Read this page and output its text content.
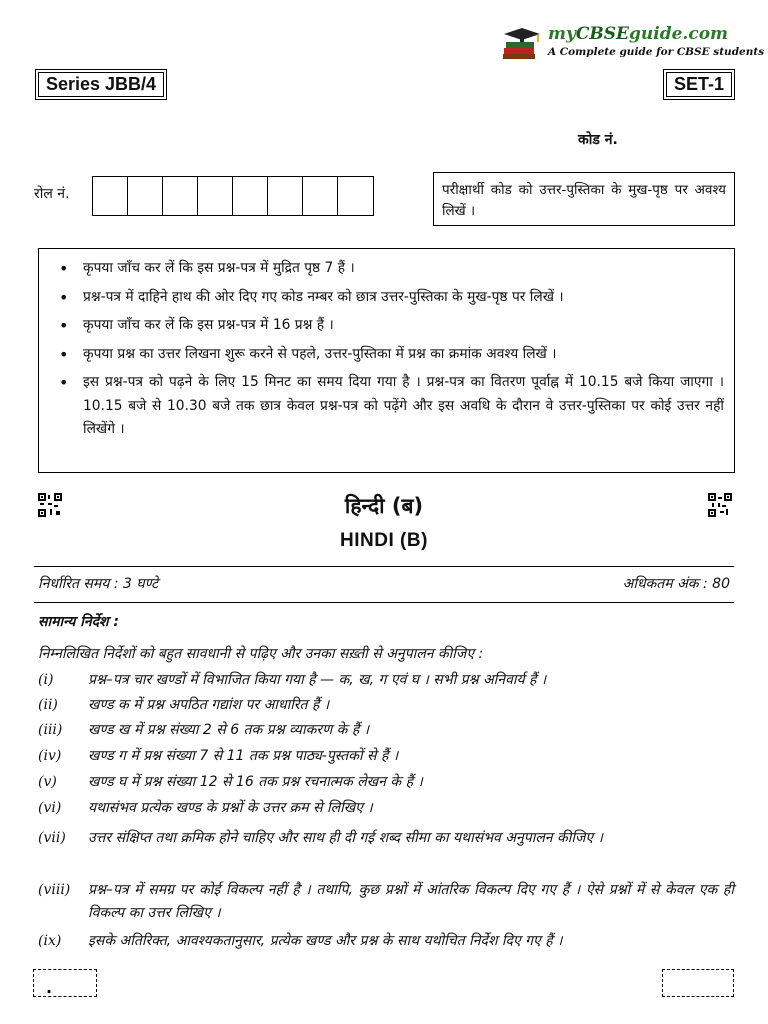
myCBSEguide.com
A Complete guide for CBSE students
Series JBB/4	SET-1
कोड नं.
रोल नं.	परीक्षार्थी कोड को उत्तर-पुस्तिका के मुख-पृष्ठ पर अवश्य लिखें ।
• कृपया जाँच कर लें कि इस प्रश्न-पत्र में मुद्रित पृष्ठ 7 हैं ।
• प्रश्न-पत्र में दाहिने हाथ की ओर दिए गए कोड नम्बर को छात्र उत्तर-पुस्तिका के मुख-पृष्ठ पर लिखें ।
• कृपया जाँच कर लें कि इस प्रश्न-पत्र में 16 प्रश्न हैं ।
• कृपया प्रश्न का उत्तर लिखना शुरू करने से पहले, उत्तर-पुस्तिका में प्रश्न का क्रमांक अवश्य लिखें ।
• इस प्रश्न-पत्र को पढ़ने के लिए 15 मिनट का समय दिया गया है । प्रश्न-पत्र का वितरण पूर्वाह्न में 10.15 बजे किया जाएगा । 10.15 बजे से 10.30 बजे तक छात्र केवल प्रश्न-पत्र को पढ़ेंगे और इस अवधि के दौरान वे उत्तर-पुस्तिका पर कोई उत्तर नहीं लिखेंगे ।
हिन्दी (ब)
HINDI (B)
निर्धारित समय : 3 घण्टे	अधिकतम अंक : 80
सामान्य निर्देश :
निम्नलिखित निर्देशों को बहुत सावधानी से पढ़िए और उनका सख़्ती से अनुपालन कीजिए :
(i) प्रश्न–पत्र चार खण्डों में विभाजित किया गया है — क, ख, ग एवं घ । सभी प्रश्न अनिवार्य हैं ।
(ii) खण्ड क में प्रश्न अपठित गद्यांश पर आधारित हैं ।
(iii) खण्ड ख में प्रश्न संख्या 2 से 6 तक प्रश्न व्याकरण के हैं ।
(iv) खण्ड ग में प्रश्न संख्या 7 से 11 तक प्रश्न पाठ्य-पुस्तकों से हैं ।
(v) खण्ड घ में प्रश्न संख्या 12 से 16 तक प्रश्न रचनात्मक लेखन के हैं ।
(vi) यथासंभव प्रत्येक खण्ड के प्रश्नों के उत्तर क्रम से लिखिए ।
(vii) उत्तर संक्षिप्त तथा क्रमिक होने चाहिए और साथ ही दी गई शब्द सीमा का यथासंभव अनुपालन कीजिए ।
(viii) प्रश्न–पत्र में समग्र पर कोई विकल्प नहीं है । तथापि, कुछ प्रश्नों में आंतरिक विकल्प दिए गए हैं । ऐसे प्रश्नों में से केवल एक ही विकल्प का उत्तर लिखिए ।
(ix) इसके अतिरिक्त, आवश्यकतानुसार, प्रत्येक खण्ड और प्रश्न के साथ यथोचित निर्देश दिए गए हैं ।
.
